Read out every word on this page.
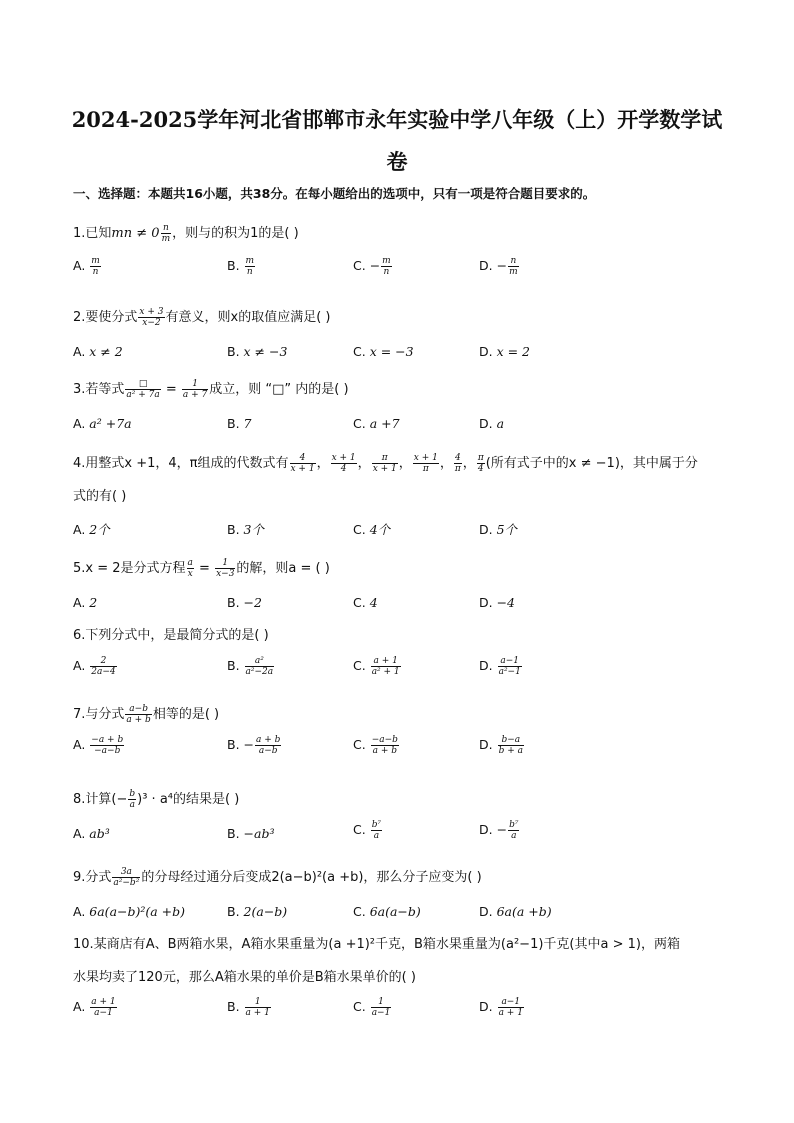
2024-2025学年河北省邯郸市永年实验中学八年级（上）开学数学试
卷
一、选择题：本题共16小题，共38分。在每小题给出的选项中，只有一项是符合题目要求的。
1.已知mn ≠ $0 \frac{n}{m}$ ，则与的积为1的是( )
A. $\frac{m}{n}$	B. $\frac{m}{n}$	C. − $\frac{m}{n}$	D. − $\frac{n}{m}$
2.要使分式 $\frac{x + 3}{x-2}$ 有意义，则x的取值应满足( )
A. x ≠ 2	B. x ≠ −3	C. x = −3	D. x = 2
3.若等式 $\frac{□}{\text{a² + 7a}} = \frac{1}{a + 7}$ 成立，则 “□” 内的是( )
A. a² +7a	B. 7	C. a +7	D. a
4.用整式x +1，4，π组成的代数式有 $\frac{4}{x + 1}$ ， $\frac{x + 1}{4}$ ， $\frac{\pi}{x + 1}$ ， $\frac{x + 1}{\pi}$ ， $\frac{4}{\pi}$ ， $\frac{\pi}{4}$ (所有式子中的x ≠ −1)，其中属于分
式的有( )
A. 2个	B. 3个	C. 4个	D. 5个
5.x = 2是分式方程 $\frac{a}{x} = \frac{1}{x-3}$ 的解，则a = ( )
A. 2	B. −2	C. 4	D. −4
6.下列分式中，是最简分式的是( )
A. $\frac{2}{2a-4}$	B. $\frac{\text{a²}}{\text{a²−2a}}$	C. $\frac{a + 1}{\text{a² + 1}}$	D. $\frac{a-1}{\text{a²−1}}$
7.与分式 $\frac{a-b}{a + b}$ 相等的是( )
A. $\frac{-a + b}{-a-b}$	B. − $\frac{a + b}{a-b}$	C. $\frac{-a-b}{a + b}$	D. $\frac{b-a}{b + a}$
8.计算(− $\frac{b}{a} )^3 \cdot a^4$的结果是( )
A. ab³	B. −ab³	C. $\frac{\text{b⁷}}{a}$	D. − $\frac{\text{b⁷}}{a}$
9.分式 $\frac{3a}{\text{a²−b²}}$ 的分母经过通分后变成2(a−b)²(a +b)，那么分子应变为( )
A. 6a(a−b)²(a +b)	B. 2(a−b)	C. 6a(a−b)	D. 6a(a +b)
10.某商店有A、B两箱水果，A箱水果重量为(a +1)²千克，B箱水果重量为(a²−1)千克(其中a > 1)，两箱
水果均卖了120元，那么A箱水果的单价是B箱水果单价的( )
A. $\frac{a + 1}{a-1}$	B. $\frac{1}{a + 1}$	C. $\frac{1}{a-1}$	D. $\frac{a-1}{a + 1}$
